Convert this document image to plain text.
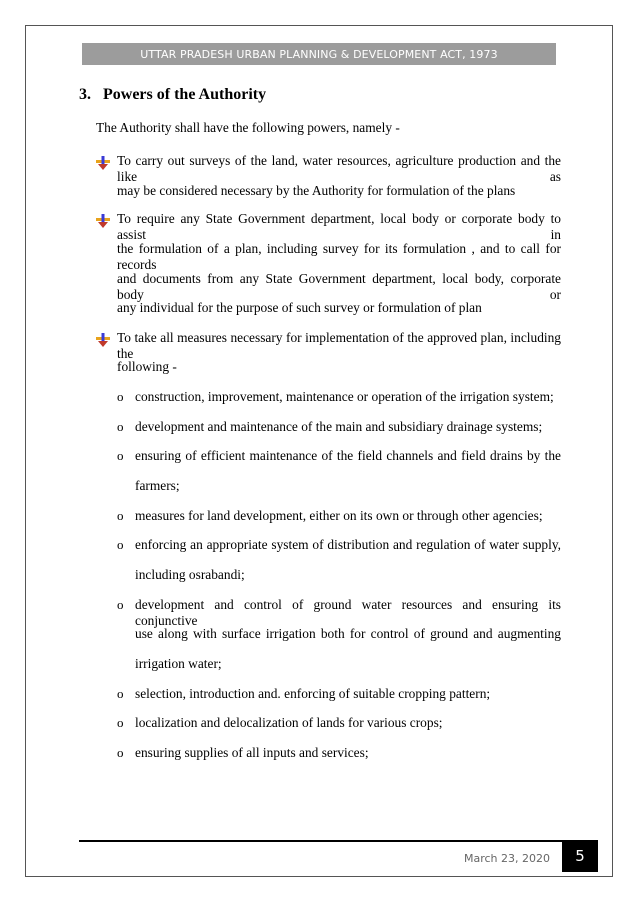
UTTAR PRADESH URBAN PLANNING & DEVELOPMENT ACT, 1973
3. Powers of the Authority
The Authority shall have the following powers, namely -
To carry out surveys of the land, water resources, agriculture production and the like as
may be considered necessary by the Authority for formulation of the plans
To require any State Government department, local body or corporate body to assist in
the formulation of a plan, including survey for its formulation , and to call for records
and documents from any State Government department, local body, corporate body or
any individual for the purpose of such survey or formulation of plan
To take all measures necessary for implementation of the approved plan, including the
following -
o construction, improvement, maintenance or operation of the irrigation system;
o development and maintenance of the main and subsidiary drainage systems;
o ensuring of efficient maintenance of the field channels and field drains by the
farmers;
o measures for land development, either on its own or through other agencies;
o enforcing an appropriate system of distribution and regulation of water supply,
including osrabandi;
o development and control of ground water resources and ensuring its conjunctive
use along with surface irrigation both for control of ground and augmenting
irrigation water;
o selection, introduction and. enforcing of suitable cropping pattern;
o localization and delocalization of lands for various crops;
o ensuring supplies of all inputs and services;
March 23, 2020 5
